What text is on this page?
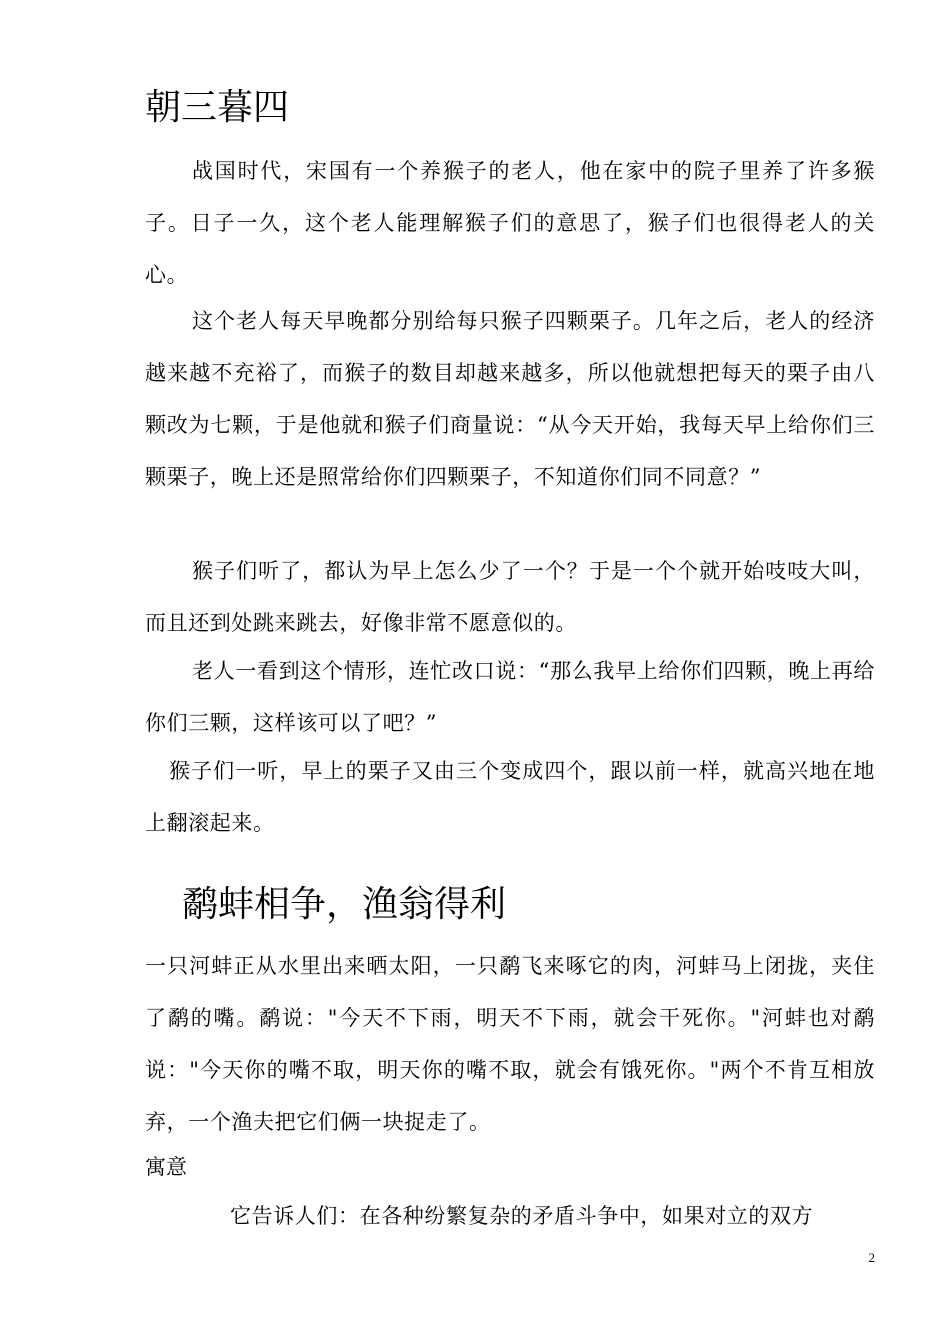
朝三暮四

战国时代，宋国有一个养猴子的老人，他在家中的院子里养了许多猴子。日子一久，这个老人能理解猴子们的意思了，猴子们也很得老人的关心。

这个老人每天早晚都分别给每只猴子四颗栗子。几年之后，老人的经济越来越不充裕了，而猴子的数目却越来越多，所以他就想把每天的栗子由八颗改为七颗，于是他就和猴子们商量说：“从今天开始，我每天早上给你们三颗栗子，晚上还是照常给你们四颗栗子，不知道你们同不同意？”

猴子们听了，都认为早上怎么少了一个？于是一个个就开始吱吱大叫，而且还到处跳来跳去，好像非常不愿意似的。

老人一看到这个情形，连忙改口说：“那么我早上给你们四颗，晚上再给你们三颗，这样该可以了吧？”

猴子们一听，早上的栗子又由三个变成四个，跟以前一样，就高兴地在地上翻滚起来。

鹬蚌相争，渔翁得利

一只河蚌正从水里出来晒太阳，一只鹬飞来啄它的肉，河蚌马上闭拢，夹住了鹬的嘴。鹬说："今天不下雨，明天不下雨，就会干死你。"河蚌也对鹬说："今天你的嘴不取，明天你的嘴不取，就会有饿死你。"两个不肯互相放弃，一个渔夫把它们俩一块捉走了。

寓意

它告诉人们：在各种纷繁复杂的矛盾斗争中，如果对立的双方

2
